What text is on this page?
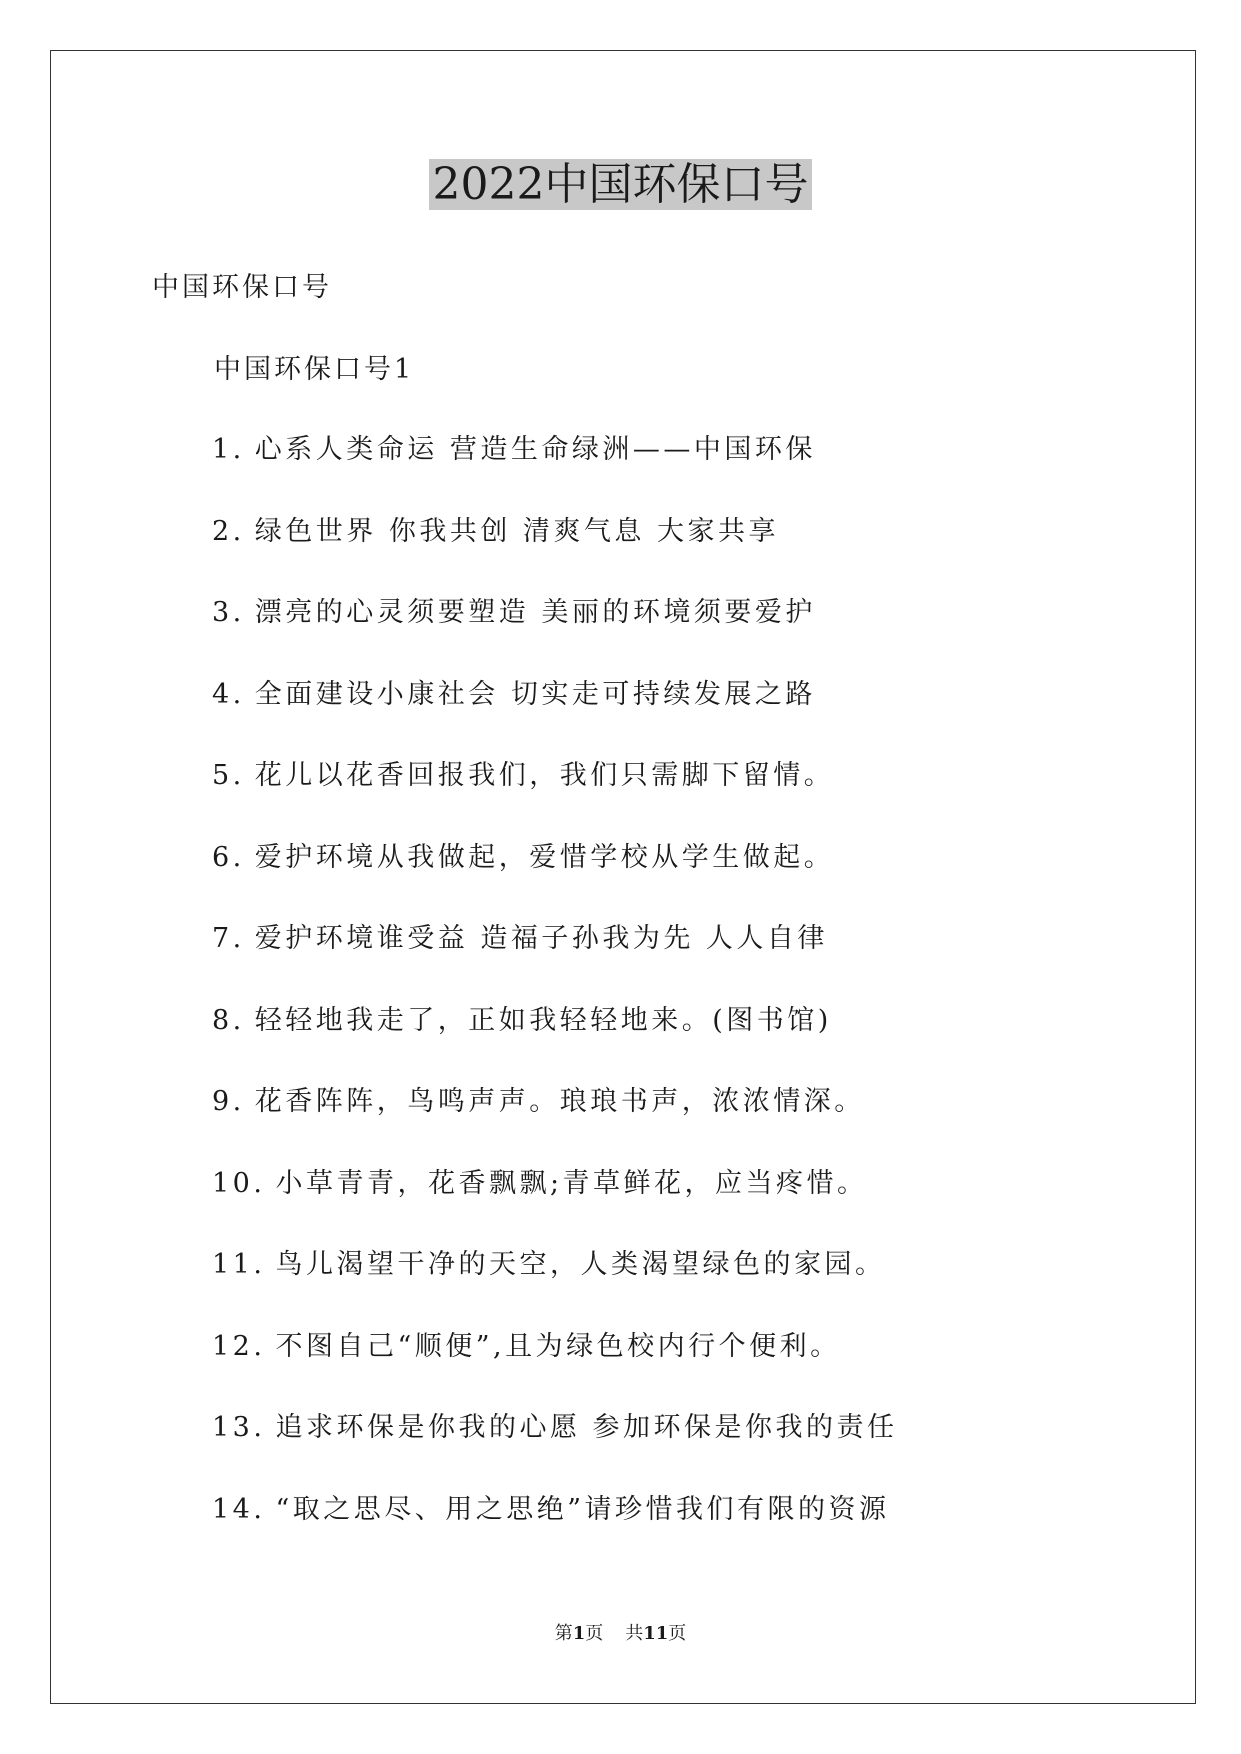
2022中国环保口号
中国环保口号
中国环保口号1
1. 心系人类命运 营造生命绿洲——中国环保
2. 绿色世界 你我共创 清爽气息 大家共享
3. 漂亮的心灵须要塑造 美丽的环境须要爱护
4. 全面建设小康社会 切实走可持续发展之路
5. 花儿以花香回报我们，我们只需脚下留情。
6. 爱护环境从我做起，爱惜学校从学生做起。
7. 爱护环境谁受益 造福子孙我为先 人人自律
8. 轻轻地我走了，正如我轻轻地来。(图书馆)
9. 花香阵阵，鸟鸣声声。琅琅书声，浓浓情深。
10. 小草青青，花香飘飘;青草鲜花，应当疼惜。
11. 鸟儿渴望干净的天空，人类渴望绿色的家园。
12. 不图自己“顺便”,且为绿色校内行个便利。
13. 追求环保是你我的心愿 参加环保是你我的责任
14. “取之思尽、用之思绝”请珍惜我们有限的资源
第1页 共11页
